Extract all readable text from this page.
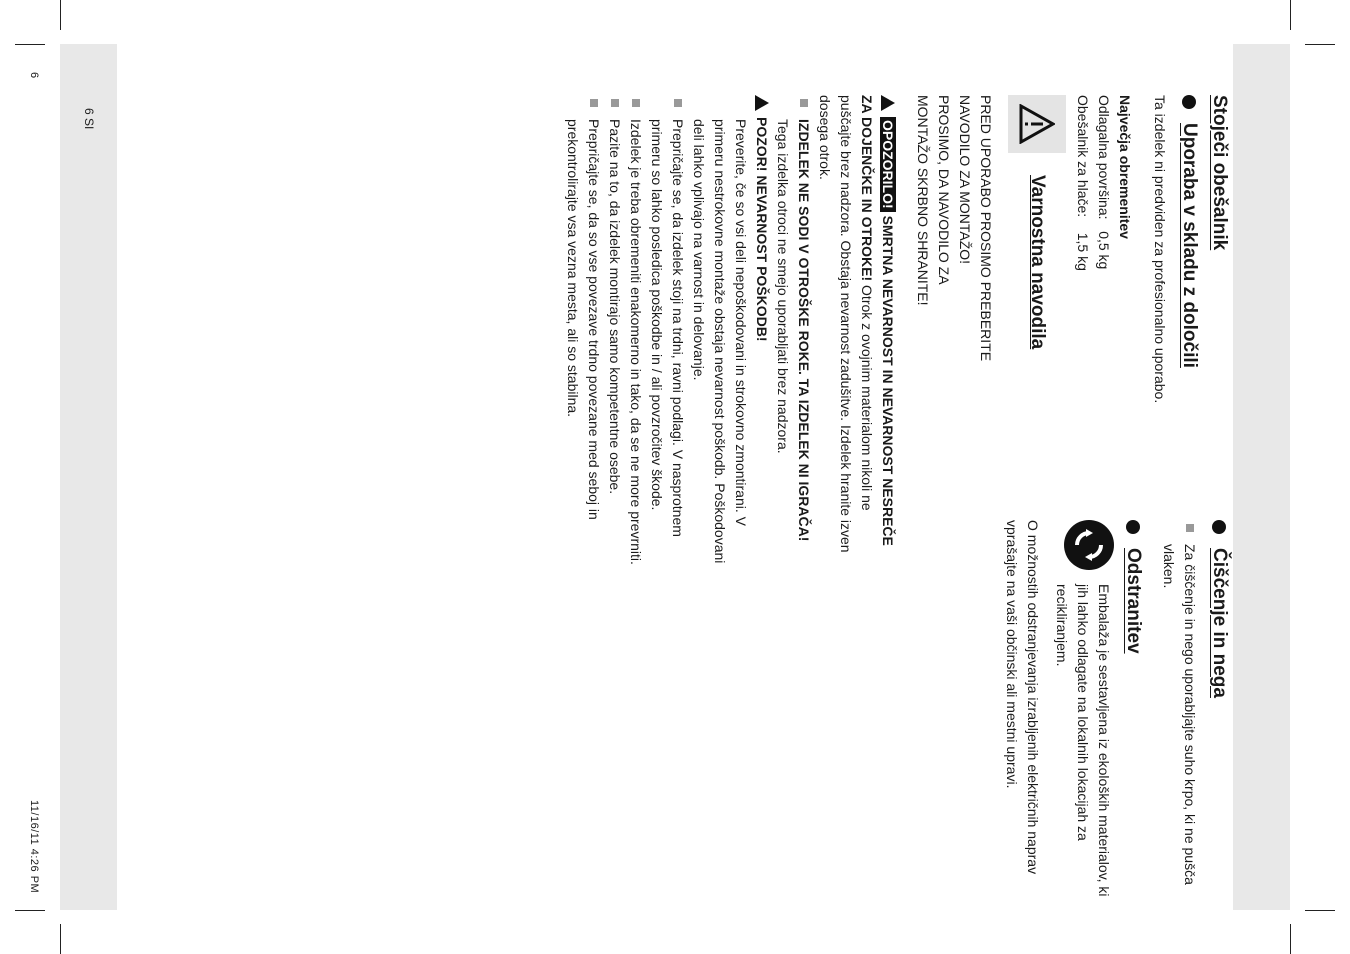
6
11/16/11 4:26 PM
6 SI	Stoječi obešalnik
Uporaba v skladu z določili

Ta izdelek ni predviden za profesionalno uporabo.

Največja obremenitev

Odlagalna površina:   0,5 kg

Obešalnik za hlače:    1,5 kg

Varnostna navodila

PRED UPORABO PROSIMO PREBERITE

NAVODILO ZA MONTAŽO!

PROSIMO, DA NAVODILO ZA

MONTAŽO SKRBNO SHRANITE!

OPOZORILO! SMRTNA NEVARNOST IN NEVARNOST NESREČE ZA DOJENČKE IN OTROKE! Otrok z ovojnim materialom nikoli ne puščajte brez nadzora. Obstaja nevarnost zadušitve. Izdelek hranite izven dosega otrok.

IZDELEK NE SODI V OTROŠKE ROKE. TA IZDELEK NI IGRAČA! Tega izdelka otroci ne smejo uporabljati brez nadzora.

POZOR! NEVARNOST POŠKODB!

Preverite, če so vsi deli nepoškodovani in strokovno zmontirani. V primeru nestrokovne montaže obstaja nevarnost poškodb. Poškodovani deli lahko vplivajo na varnost in delovanje.

Prepričajte se, da izdelek stoji na trdni, ravni podlagi. V nasprotnem primeru so lahko posledica poškodbe in / ali povzročitev škode.

Izdelek je treba obremeniti enakomerno in tako, da se ne more prevrniti.

Pazite na to, da izdelek montirajo samo kompetentne osebe.

Prepričajte se, da so vse povezave trdno povezane med seboj in prekontrolirajte vsa vezna mesta, ali so stabilna.

Čiščenje in nega

Za čiščenje in nego uporabljajte suho krpo, ki ne pušča vlaken.

Odstranitev

Embalaža je sestavljena iz ekoloških materialov, ki jih lahko odlagate na lokalnih lokacijah za recikliranjem.

O možnostih odstranjevanja izrabljenih električnih naprav vprašajte na vaši občinski ali mestni upravi.
